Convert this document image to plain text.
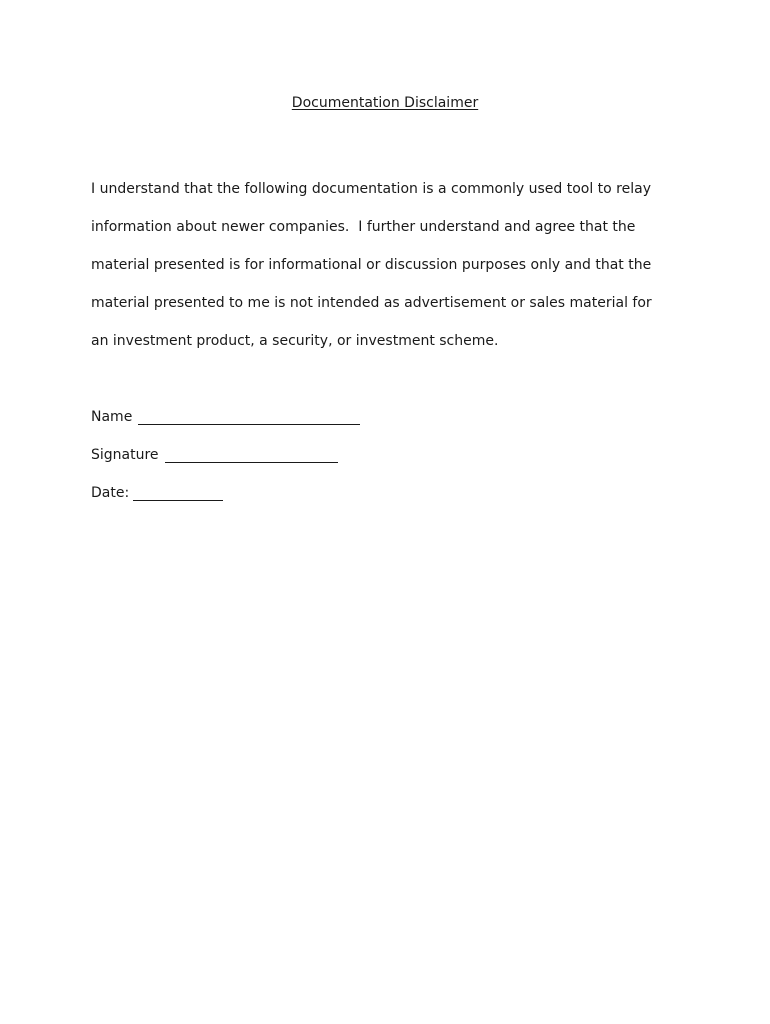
Documentation Disclaimer
I understand that the following documentation is a commonly used tool to relay
information about newer companies.  I further understand and agree that the
material presented is for informational or discussion purposes only and that the
material presented to me is not intended as advertisement or sales material for
an investment product, a security, or investment scheme.
Name
Signature
Date:
